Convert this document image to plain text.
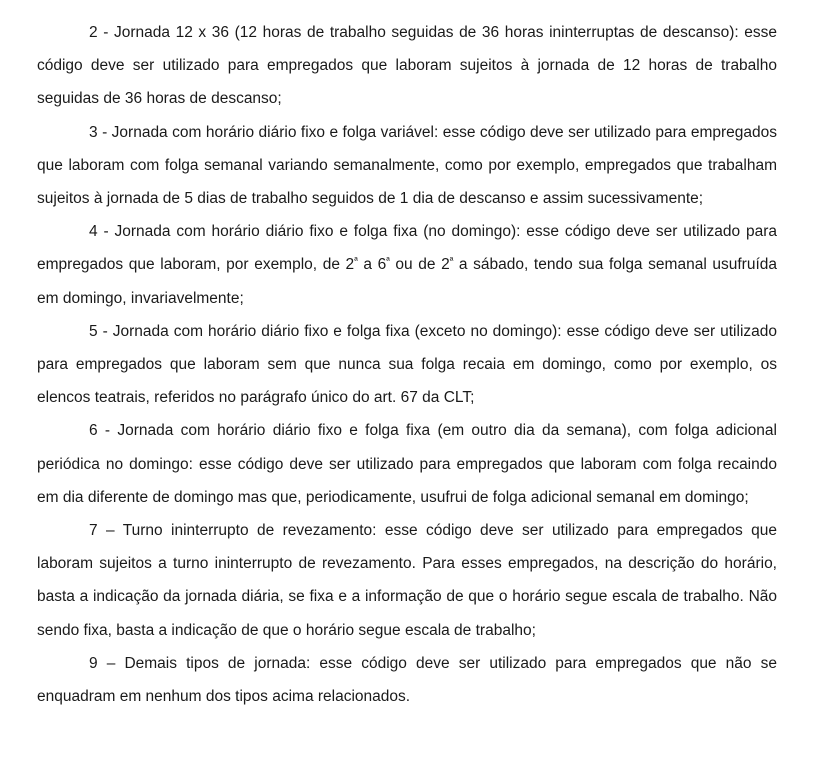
2 - Jornada 12 x 36 (12 horas de trabalho seguidas de 36 horas ininterruptas de descanso): esse código deve ser utilizado para empregados que laboram sujeitos à jornada de 12 horas de trabalho seguidas de 36 horas de descanso;

3 - Jornada com horário diário fixo e folga variável: esse código deve ser utilizado para empregados que laboram com folga semanal variando semanalmente, como por exemplo, empregados que trabalham sujeitos à jornada de 5 dias de trabalho seguidos de 1 dia de descanso e assim sucessivamente;

4 - Jornada com horário diário fixo e folga fixa (no domingo): esse código deve ser utilizado para empregados que laboram, por exemplo, de $2^ª$ a $6^ª$ ou de $2^ª$ a sábado, tendo sua folga semanal usufruída em domingo, invariavelmente;

5 - Jornada com horário diário fixo e folga fixa (exceto no domingo): esse código deve ser utilizado para empregados que laboram sem que nunca sua folga recaia em domingo, como por exemplo, os elencos teatrais, referidos no parágrafo único do art. 67 da CLT;

6 - Jornada com horário diário fixo e folga fixa (em outro dia da semana), com folga adicional periódica no domingo: esse código deve ser utilizado para empregados que laboram com folga recaindo em dia diferente de domingo mas que, periodicamente, usufrui de folga adicional semanal em domingo;

7 – Turno ininterrupto de revezamento: esse código deve ser utilizado para empregados que laboram sujeitos a turno ininterrupto de revezamento. Para esses empregados, na descrição do horário, basta a indicação da jornada diária, se fixa e a informação de que o horário segue escala de trabalho. Não sendo fixa, basta a indicação de que o horário segue escala de trabalho;

9 – Demais tipos de jornada: esse código deve ser utilizado para empregados que não se enquadram em nenhum dos tipos acima relacionados.
